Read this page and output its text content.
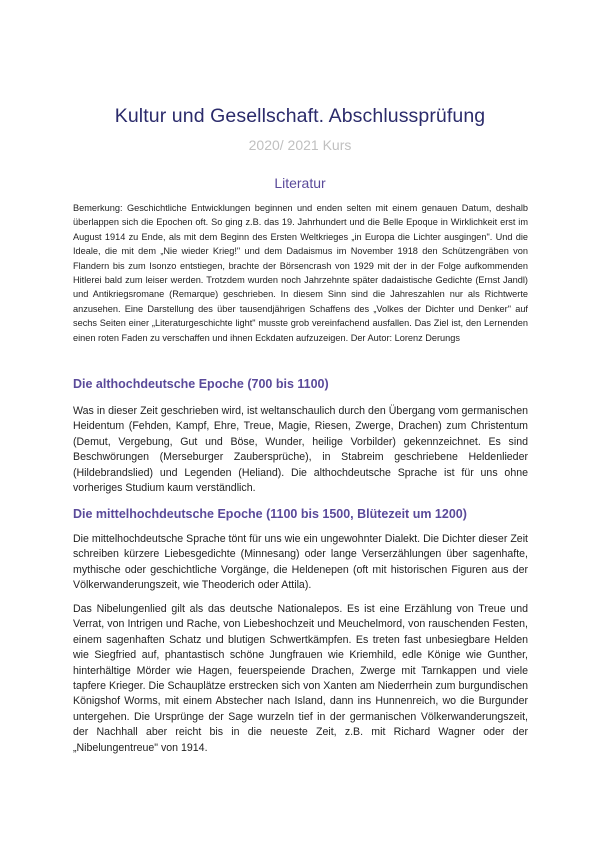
Kultur und Gesellschaft. Abschlussprüfung
2020/ 2021 Kurs
Literatur

Bemerkung: Geschichtliche Entwicklungen beginnen und enden selten mit einem genauen Datum, deshalb überlappen sich die Epochen oft. So ging z.B. das 19. Jahrhundert und die Belle Epoque in Wirklichkeit erst im August 1914 zu Ende, als mit dem Beginn des Ersten Weltkrieges „in Europa die Lichter ausgingen". Und die Ideale, die mit dem „Nie wieder Krieg!" und dem Dadaismus im November 1918 den Schützengräben von Flandern bis zum Isonzo entstiegen, brachte der Börsencrash von 1929 mit der in der Folge aufkommenden Hitlerei bald zum leiser werden. Trotzdem wurden noch Jahrzehnte später dadaistische Gedichte (Ernst Jandl) und Antikriegsromane (Remarque) geschrieben. In diesem Sinn sind die Jahreszahlen nur als Richtwerte anzusehen. Eine Darstellung des über tausendjährigen Schaffens des „Volkes der Dichter und Denker" auf sechs Seiten einer „Literaturgeschichte light" musste grob vereinfachend ausfallen. Das Ziel ist, den Lernenden einen roten Faden zu verschaffen und ihnen Eckdaten aufzuzeigen. Der Autor: Lorenz Derungs

Die althochdeutsche Epoche (700 bis 1100)

Was in dieser Zeit geschrieben wird, ist weltanschaulich durch den Übergang vom germanischen Heidentum (Fehden, Kampf, Ehre, Treue, Magie, Riesen, Zwerge, Drachen) zum Christentum (Demut, Vergebung, Gut und Böse, Wunder, heilige Vorbilder) gekennzeichnet. Es sind Beschwörungen (Merseburger Zaubersprüche), in Stabreim geschriebene Heldenlieder (Hildebrandslied) und Legenden (Heliand). Die althochdeutsche Sprache ist für uns ohne vorheriges Studium kaum verständlich.

Die mittelhochdeutsche Epoche (1100 bis 1500, Blütezeit um 1200)

Die mittelhochdeutsche Sprache tönt für uns wie ein ungewohnter Dialekt. Die Dichter dieser Zeit schreiben kürzere Liebesgedichte (Minnesang) oder lange Verserzählungen über sagenhafte, mythische oder geschichtliche Vorgänge, die Heldenepen (oft mit historischen Figuren aus der Völkerwanderungszeit, wie Theoderich oder Attila).

Das Nibelungenlied gilt als das deutsche Nationalepos. Es ist eine Erzählung von Treue und Verrat, von Intrigen und Rache, von Liebeshochzeit und Meuchelmord, von rauschenden Festen, einem sagenhaften Schatz und blutigen Schwertkämpfen. Es treten fast unbesiegbare Helden wie Siegfried auf, phantastisch schöne Jungfrauen wie Kriemhild, edle Könige wie Gunther, hinterhältige Mörder wie Hagen, feuerspeiende Drachen, Zwerge mit Tarnkappen und viele tapfere Krieger. Die Schauplätze erstrecken sich von Xanten am Niederrhein zum burgundischen Königshof Worms, mit einem Abstecher nach Island, dann ins Hunnenreich, wo die Burgunder untergehen. Die Ursprünge der Sage wurzeln tief in der germanischen Völkerwanderungszeit, der Nachhall aber reicht bis in die neueste Zeit, z.B. mit Richard Wagner oder der „Nibelungentreue" von 1914.
